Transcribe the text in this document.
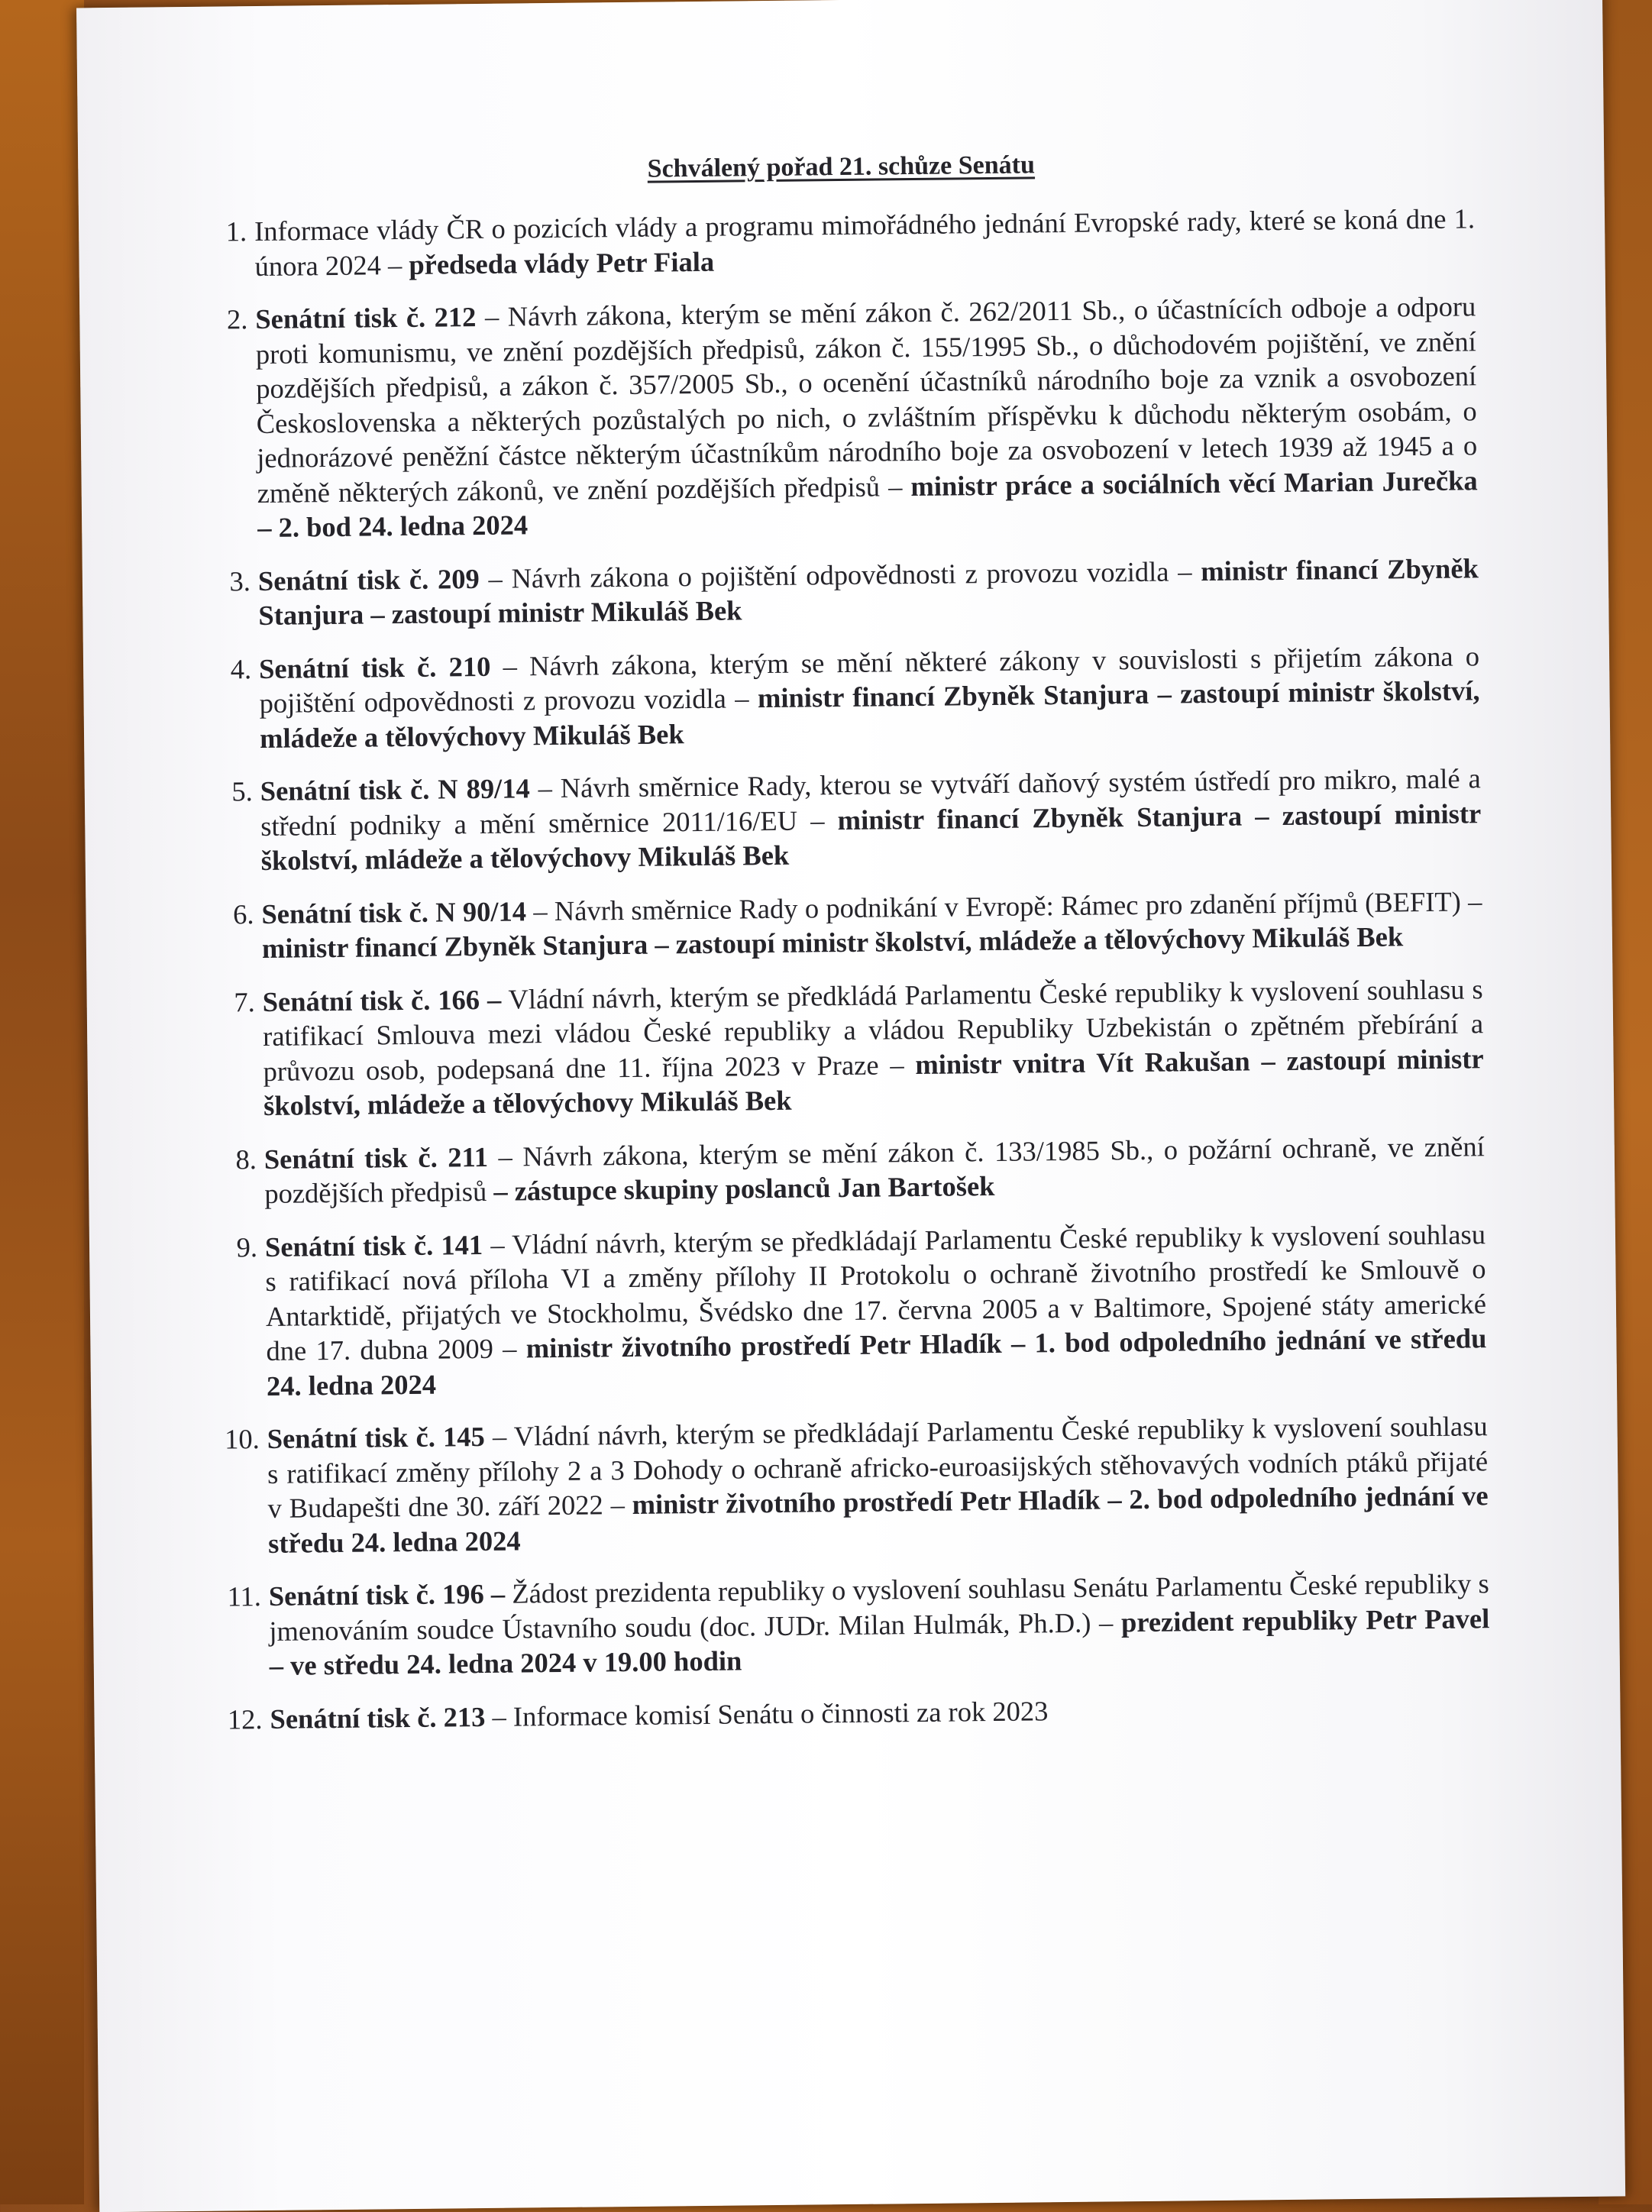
Schválený pořad 21. schůze Senátu
1 . Informace vlády ČR o pozicích vlády a programu mimořádného jednání Evropské rady, které se koná dne 1. února 2024 – předseda vlády Petr Fiala
2 . Senátní tisk č. 212 – Návrh zákona, kterým se mění zákon č. 262/2011 Sb., o účastnících odboje a odporu proti komunismu, ve znění pozdějších předpisů, zákon č. 155/1995 Sb., o důchodovém pojištění, ve znění pozdějších předpisů, a zákon č. 357/2005 Sb., o ocenění účastníků národního boje za vznik a osvobození Československa a některých pozůstalých po nich, o zvláštním příspěvku k důchodu některým osobám, o jednorázové peněžní částce některým účastníkům národního boje za osvobození v letech 1939 až 1945 a o změně některých zákonů, ve znění pozdějších předpisů – ministr práce a sociálních věcí Marian Jurečka – 2. bod 24. ledna 2024
3 . Senátní tisk č. 209 – Návrh zákona o pojištění odpovědnosti z provozu vozidla – ministr financí Zbyněk Stanjura – zastoupí ministr Mikuláš Bek
4 . Senátní tisk č. 210 – Návrh zákona, kterým se mění některé zákony v souvislosti s přijetím zákona o pojištění odpovědnosti z provozu vozidla – ministr financí Zbyněk Stanjura – zastoupí ministr školství, mládeže a tělovýchovy Mikuláš Bek
5 . Senátní tisk č. N 89/14 – Návrh směrnice Rady, kterou se vytváří daňový systém ústředí pro mikro, malé a střední podniky a mění směrnice 2011/16/EU – ministr financí Zbyněk Stanjura – zastoupí ministr školství, mládeže a tělovýchovy Mikuláš Bek
6 . Senátní tisk č. N 90/14 – Návrh směrnice Rady o podnikání v Evropě: Rámec pro zdanění příjmů (BEFIT) – ministr financí Zbyněk Stanjura – zastoupí ministr školství, mládeže a tělovýchovy Mikuláš Bek
7 . Senátní tisk č. 166 – Vládní návrh, kterým se předkládá Parlamentu České republiky k vyslovení souhlasu s ratifikací Smlouva mezi vládou České republiky a vládou Republiky Uzbekistán o zpětném přebírání a průvozu osob, podepsaná dne 11. října 2023 v Praze – ministr vnitra Vít Rakušan – zastoupí ministr školství, mládeže a tělovýchovy Mikuláš Bek
8 . Senátní tisk č. 211 – Návrh zákona, kterým se mění zákon č. 133/1985 Sb., o požární ochraně, ve znění pozdějších předpisů – zástupce skupiny poslanců Jan Bartošek
9 . Senátní tisk č. 141 – Vládní návrh, kterým se předkládají Parlamentu České republiky k vyslovení souhlasu s ratifikací nová příloha VI a změny přílohy II Protokolu o ochraně životního prostředí ke Smlouvě o Antarktidě, přijatých ve Stockholmu, Švédsko dne 17. června 2005 a v Baltimore, Spojené státy americké dne 17. dubna 2009 – ministr životního prostředí Petr Hladík – 1. bod odpoledního jednání ve středu 24. ledna 2024
10 . Senátní tisk č. 145 – Vládní návrh, kterým se předkládají Parlamentu České republiky k vyslovení souhlasu s ratifikací změny přílohy 2 a 3 Dohody o ochraně africko-euroasijských stěhovavých vodních ptáků přijaté v Budapešti dne 30. září 2022 – ministr životního prostředí Petr Hladík – 2. bod odpoledního jednání ve středu 24. ledna 2024
11 . Senátní tisk č. 196 – Žádost prezidenta republiky o vyslovení souhlasu Senátu Parlamentu České republiky s jmenováním soudce Ústavního soudu (doc. JUDr. Milan Hulmák, Ph.D.) – prezident republiky Petr Pavel – ve středu 24. ledna 2024 v 19.00 hodin
12 . Senátní tisk č. 213 – Informace komisí Senátu o činnosti za rok 2023
